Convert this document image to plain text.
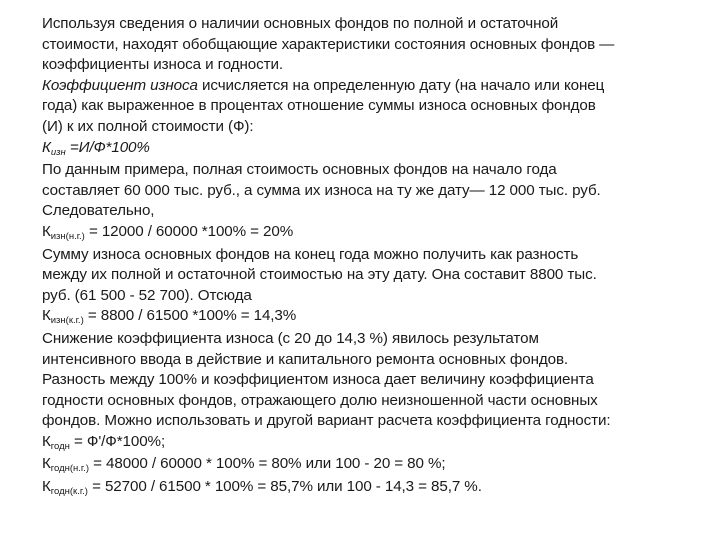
Используя сведения о наличии основных фондов по полной и остаточной
стоимости, находят обобщающие характеристики состояния основных фондов —
коэффициенты износа и годности.
Коэффициент износа исчисляется на определенную дату (на начало или конец
года) как выраженное в процентах отношение суммы износа основных фондов
(И) к их полной стоимости (Ф):
Кизн =И/Ф*100%
По данным примера, полная стоимость основных фондов на начало года
составляет 60 000 тыс. руб., а сумма их износа на ту же дату— 12 000 тыс. руб.
Следовательно,
Кизн(н.г.) = 12000 / 60000 *100% = 20%
Сумму износа основных фондов на конец года можно получить как разность
между их полной и остаточной стоимостью на эту дату. Она составит 8800 тыс.
руб. (61 500 - 52 700). Отсюда
Кизн(к.г.) = 8800 / 61500 *100% = 14,3%
Снижение коэффициента износа (с 20 до 14,3 %) явилось результатом
интенсивного ввода в действие и капитального ремонта основных фондов.
Разность между 100% и коэффициентом износа дает величину коэффициента
годности основных фондов, отражающего долю неизношенной части основных
фондов. Можно использовать и другой вариант расчета коэффициента годности:
Кгодн = Ф'/Ф*100%;
Кгодн(н.г.) = 48000 / 60000 * 100% = 80% или 100 - 20 = 80 %;
Кгодн(к.г.) = 52700 / 61500 * 100% = 85,7% или 100 - 14,3 = 85,7 %.
